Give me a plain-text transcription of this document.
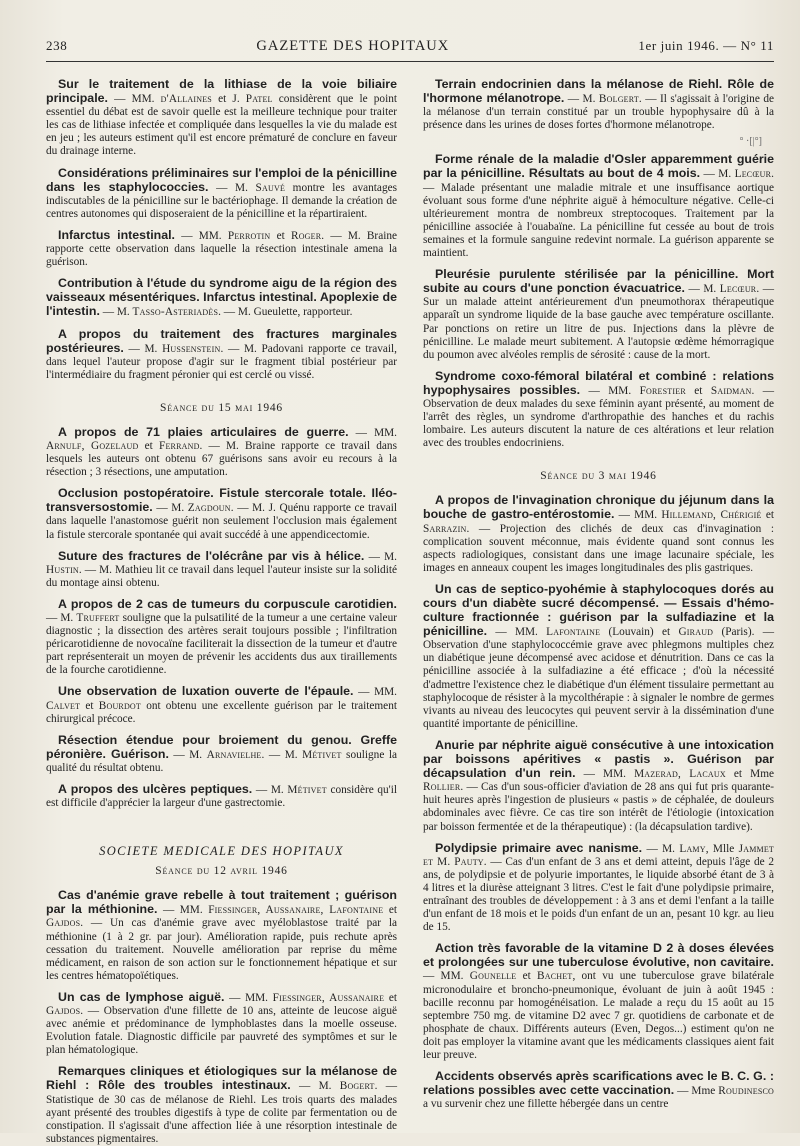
238	GAZETTE DES HOPITAUX	1er juin 1946. — N° 11

Sur le traitement de la lithiase de la voie biliaire principale. — MM. d'Allaines et J. Patel considèrent que le point essentiel du débat est de savoir quelle est la meilleure technique pour traiter les cas de lithiase infectée et compliquée dans lesquelles la vie du malade est en jeu ; les auteurs estiment qu'il est encore prématuré de conclure en faveur du drainage interne.

Considérations préliminaires sur l'emploi de la pénicilline dans les staphylococcies. — M. Sauvé montre les avantages indiscutables de la pénicilline sur le bactériophage. Il demande la création de centres autonomes qui disposeraient de la pénicilline et la répartiraient.

Infarctus intestinal. — MM. Perrotin et Roger. — M. Braine rapporte cette observation dans laquelle la résection intestinale amena la guérison.

Contribution à l'étude du syndrome aigu de la région des vaisseaux mésentériques. Infarctus intestinal. Apoplexie de l'intestin. — M. Tasso-Asteriadès. — M. Gueulette, rapporteur.

A propos du traitement des fractures marginales postérieures. — M. Hussenstein. — M. Padovani rapporte ce travail, dans lequel l'auteur propose d'agir sur le fragment tibial postérieur par l'intermédiaire du fragment péronier qui est cerclé ou vissé.

Séance du 15 mai 1946

A propos de 71 plaies articulaires de guerre. — MM. Arnulf, Gozelaud et Ferrand. — M. Braine rapporte ce travail dans lesquels les auteurs ont obtenu 67 guérisons sans avoir eu recours à la résection ; 3 résections, une amputation.

Occlusion postopératoire. Fistule stercorale totale. Iléo-transversostomie. — M. Zagdoun. — M. J. Quénu rapporte ce travail dans laquelle l'anastomose guérit non seulement l'occlusion mais également la fistule stercorale spontanée qui avait succédé à une appendicectomie.

Suture des fractures de l'olécrâne par vis à hélice. — M. Hustin. — M. Mathieu lit ce travail dans lequel l'auteur insiste sur la solidité du montage ainsi obtenu.

A propos de 2 cas de tumeurs du corpuscule carotidien. — M. Truffert souligne que la pulsatilité de la tumeur a une certaine valeur diagnostic ; la dissection des artères serait toujours possible ; l'infiltration péricarotidienne de novocaïne faciliterait la dissection de la tumeur et d'autre part représenterait un moyen de prévenir les accidents dus aux tiraillements de la fourche carotidienne.

Une observation de luxation ouverte de l'épaule. — MM. Calvet et Bourdot ont obtenu une excellente guérison par le traitement chirurgical précoce.

Résection étendue pour broiement du genou. Greffe péronière. Guérison. — M. Arnavielhe. — M. Métivet souligne la qualité du résultat obtenu.

A propos des ulcères peptiques. — M. Métivet considère qu'il est difficile d'apprécier la largeur d'une gastrectomie.

SOCIETE MEDICALE DES HOPITAUX
Séance du 12 avril 1946

Cas d'anémie grave rebelle à tout traitement ; guérison par la méthionine. — MM. Fiessinger, Aussanaire, Lafontaine et Gajdos. — Un cas d'anémie grave avec myéloblastose traité par la méthionine (1 à 2 gr. par jour). Amélioration rapide, puis rechute après cessation du traitement. Nouvelle amélioration par reprise du même médicament, en raison de son action sur le fonctionnement hépatique et sur les centres hématopoïétiques.

Un cas de lymphose aiguë. — MM. Fiessinger, Aussanaire et Gajdos. — Observation d'une fillette de 10 ans, atteinte de leucose aiguë avec anémie et prédominance de lymphoblastes dans la moelle osseuse. Evolution fatale. Diagnostic difficile par pauvreté des symptômes et sur le plan hématologique.

Remarques cliniques et étiologiques sur la mélanose de Riehl : Rôle des troubles intestinaux. — M. Bogert. — Statistique de 30 cas de mélanose de Riehl. Les trois quarts des malades ayant présenté des troubles digestifs à type de colite par fermentation ou de constipation. Il s'agissait d'une affection liée à une résorption intestinale de substances pigmentaires.

Terrain endocrinien dans la mélanose de Riehl. Rôle de l'hormone mélanotrope. — M. Bolgert. — Il s'agissait à l'origine de la mélanose d'un terrain constitué par un trouble hypophysaire dû à la présence dans les urines de doses fortes d'hormone mélanotrope.

° ·[|°]

Forme rénale de la maladie d'Osler apparemment guérie par la pénicilline. Résultats au bout de 4 mois. — M. Lecœur. — Malade présentant une maladie mitrale et une insuffisance aortique évoluant sous forme d'une néphrite aiguë à hémoculture négative. Celle-ci ultérieurement montra de nombreux streptocoques. Traitement par la pénicilline associée à l'ouabaïne. La pénicilline fut cessée au bout de trois semaines et la formule sanguine redevint normale. La guérison apparente se maintient.

Pleurésie purulente stérilisée par la pénicilline. Mort subite au cours d'une ponction évacuatrice. — M. Lecœur. — Sur un malade atteint antérieurement d'un pneumothorax thérapeutique apparaît un syndrome liquide de la base gauche avec température oscillante. Par ponctions on retire un litre de pus. Injections dans la plèvre de pénicilline. Le malade meurt subitement. A l'autopsie œdème hémorragique du poumon avec alvéoles remplis de sérosité : cause de la mort.

Syndrome coxo-fémoral bilatéral et combiné : relations hypophysaires possibles. — MM. Forestier et Saidman. — Observation de deux malades du sexe féminin ayant présenté, au moment de l'arrêt des règles, un syndrome d'arthropathie des hanches et du rachis lombaire. Les auteurs discutent la nature de ces altérations et leur relation avec des troubles endocriniens.

Séance du 3 mai 1946

A propos de l'invagination chronique du jéjunum dans la bouche de gastro-entérostomie. — MM. Hillemand, Chérigié et Sarrazin. — Projection des clichés de deux cas d'invagination : complication souvent méconnue, mais évidente quand sont connus les aspects radiologiques, consistant dans une image lacunaire spéciale, les images en anneaux coupent les images longitudinales des plis gastriques.

Un cas de septico-pyohémie à staphylocoques dorés au cours d'un diabète sucré décompensé. — Essais d'hémo-culture fractionnée : guérison par la sulfadiazine et la pénicilline. — MM. Lafontaine (Louvain) et Giraud (Paris). — Observation d'une staphylococcémie grave avec phlegmons multiples chez un diabétique jeune décompensé avec acidose et dénutrition. Dans ce cas la pénicilline associée à la sulfadiazine a été efficace ; d'où la nécessité d'admettre l'existence chez le diabétique d'un élément tissulaire permettant au staphylocoque de résister à la mycolthérapie : à signaler le nombre de germes vivants au niveau des leucocytes qui peuvent servir à la dissémination d'une quantité importante de pénicilline.

Anurie par néphrite aiguë consécutive à une intoxication par boissons apéritives « pastis ». Guérison par décapsulation d'un rein. — MM. Mazerad, Lacaux et Mme Rollier. — Cas d'un sous-officier d'aviation de 28 ans qui fut pris quarante-huit heures après l'ingestion de plusieurs « pastis » de céphalée, de douleurs abdominales avec fièvre. Ce cas tire son intérêt de l'étiologie (intoxication par boisson fermentée et de la thérapeutique) : (la décapsulation tardive).

Polydipsie primaire avec nanisme. — M. Lamy, Mlle Jammet et M. Pauty. — Cas d'un enfant de 3 ans et demi atteint, depuis l'âge de 2 ans, de polydipsie et de polyurie importantes, le liquide absorbé étant de 3 à 4 litres et la diurèse atteignant 3 litres. C'est le fait d'une polydipsie primaire, entraînant des troubles de développement : à 3 ans et demi l'enfant a la taille d'un enfant de 18 mois et le poids d'un enfant de un an, pesant 10 kgr. au lieu de 15.

Action très favorable de la vitamine D 2 à doses élevées et prolongées sur une tuberculose évolutive, non cavitaire. — MM. Gounelle et Bachet, ont vu une tuberculose grave bilatérale micronodulaire et broncho-pneumonique, évoluant de juin à août 1945 : bacille reconnu par homogénéisation. Le malade a reçu du 15 août au 15 septembre 750 mg. de vitamine D2 avec 7 gr. quotidiens de carbonate et de phosphate de chaux. Différents auteurs (Even, Degos...) estiment qu'on ne doit pas employer la vitamine avant que les médicaments classiques aient fait leur preuve.

Accidents observés après scarifications avec le B. C. G. : relations possibles avec cette vaccination. — Mme Roudinesco a vu survenir chez une fillette hébergée dans un centre
